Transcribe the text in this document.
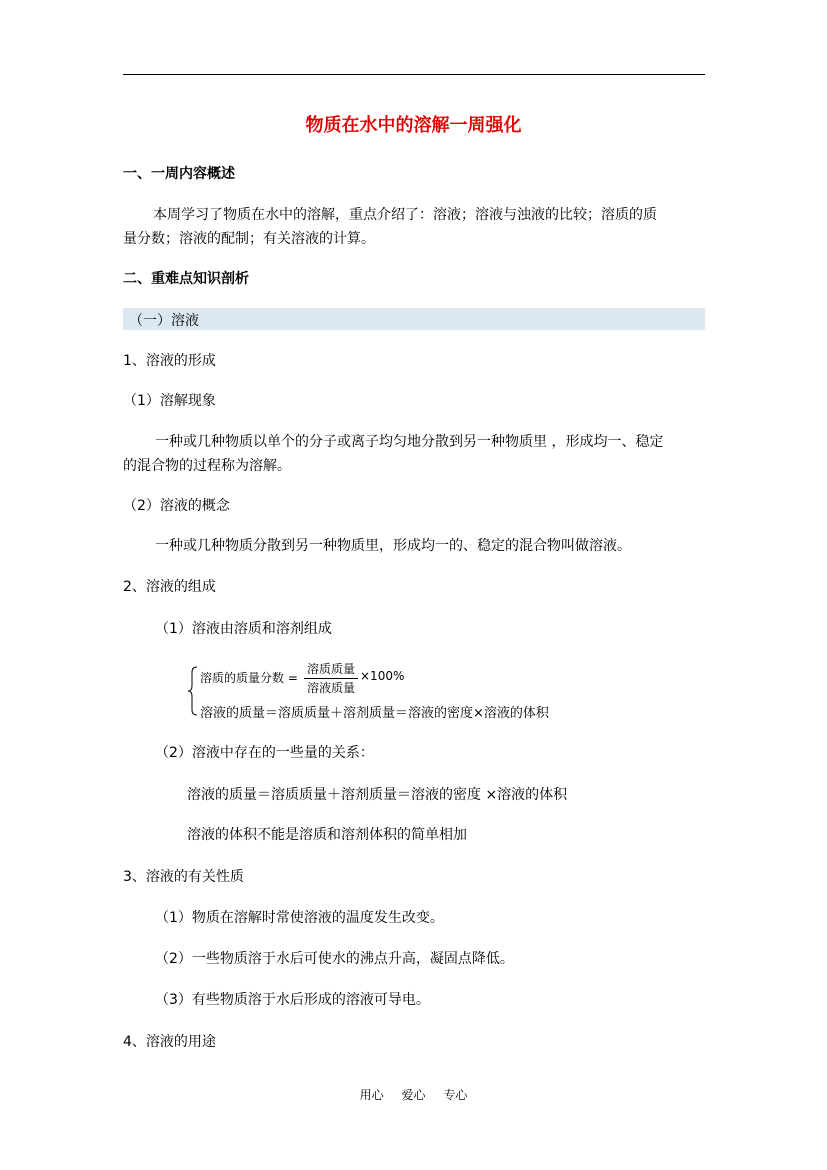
物质在水中的溶解一周强化
一、一周内容概述
本周学习了物质在水中的溶解，重点介绍了：溶液；溶液与浊液的比较；溶质的质
量分数；溶液的配制；有关溶液的计算。
二、重难点知识剖析
（一）溶液
1、溶液的形成
（1）溶解现象
一种或几种物质以单个的分子或离子均匀地分散到另一种物质里 ，形成均一、稳定
的混合物的过程称为溶解。
（2）溶液的概念
一种或几种物质分散到另一种物质里，形成均一的、稳定的混合物叫做溶液。
2、溶液的组成
（1）溶液由溶质和溶剂组成
溶质的质量分数 =
溶质质量
溶液质量
×100%
溶液的质量＝溶质质量＋溶剂质量＝溶液的密度×溶液的体积
（2）溶液中存在的一些量的关系：
溶液的质量＝溶质质量＋溶剂质量＝溶液的密度 ×溶液的体积
溶液的体积不能是溶质和溶剂体积的简单相加
3、溶液的有关性质
（1）物质在溶解时常使溶液的温度发生改变。
（2）一些物质溶于水后可使水的沸点升高，凝固点降低。
（3）有些物质溶于水后形成的溶液可导电。
4、溶液的用途
用心 爱心 专心
